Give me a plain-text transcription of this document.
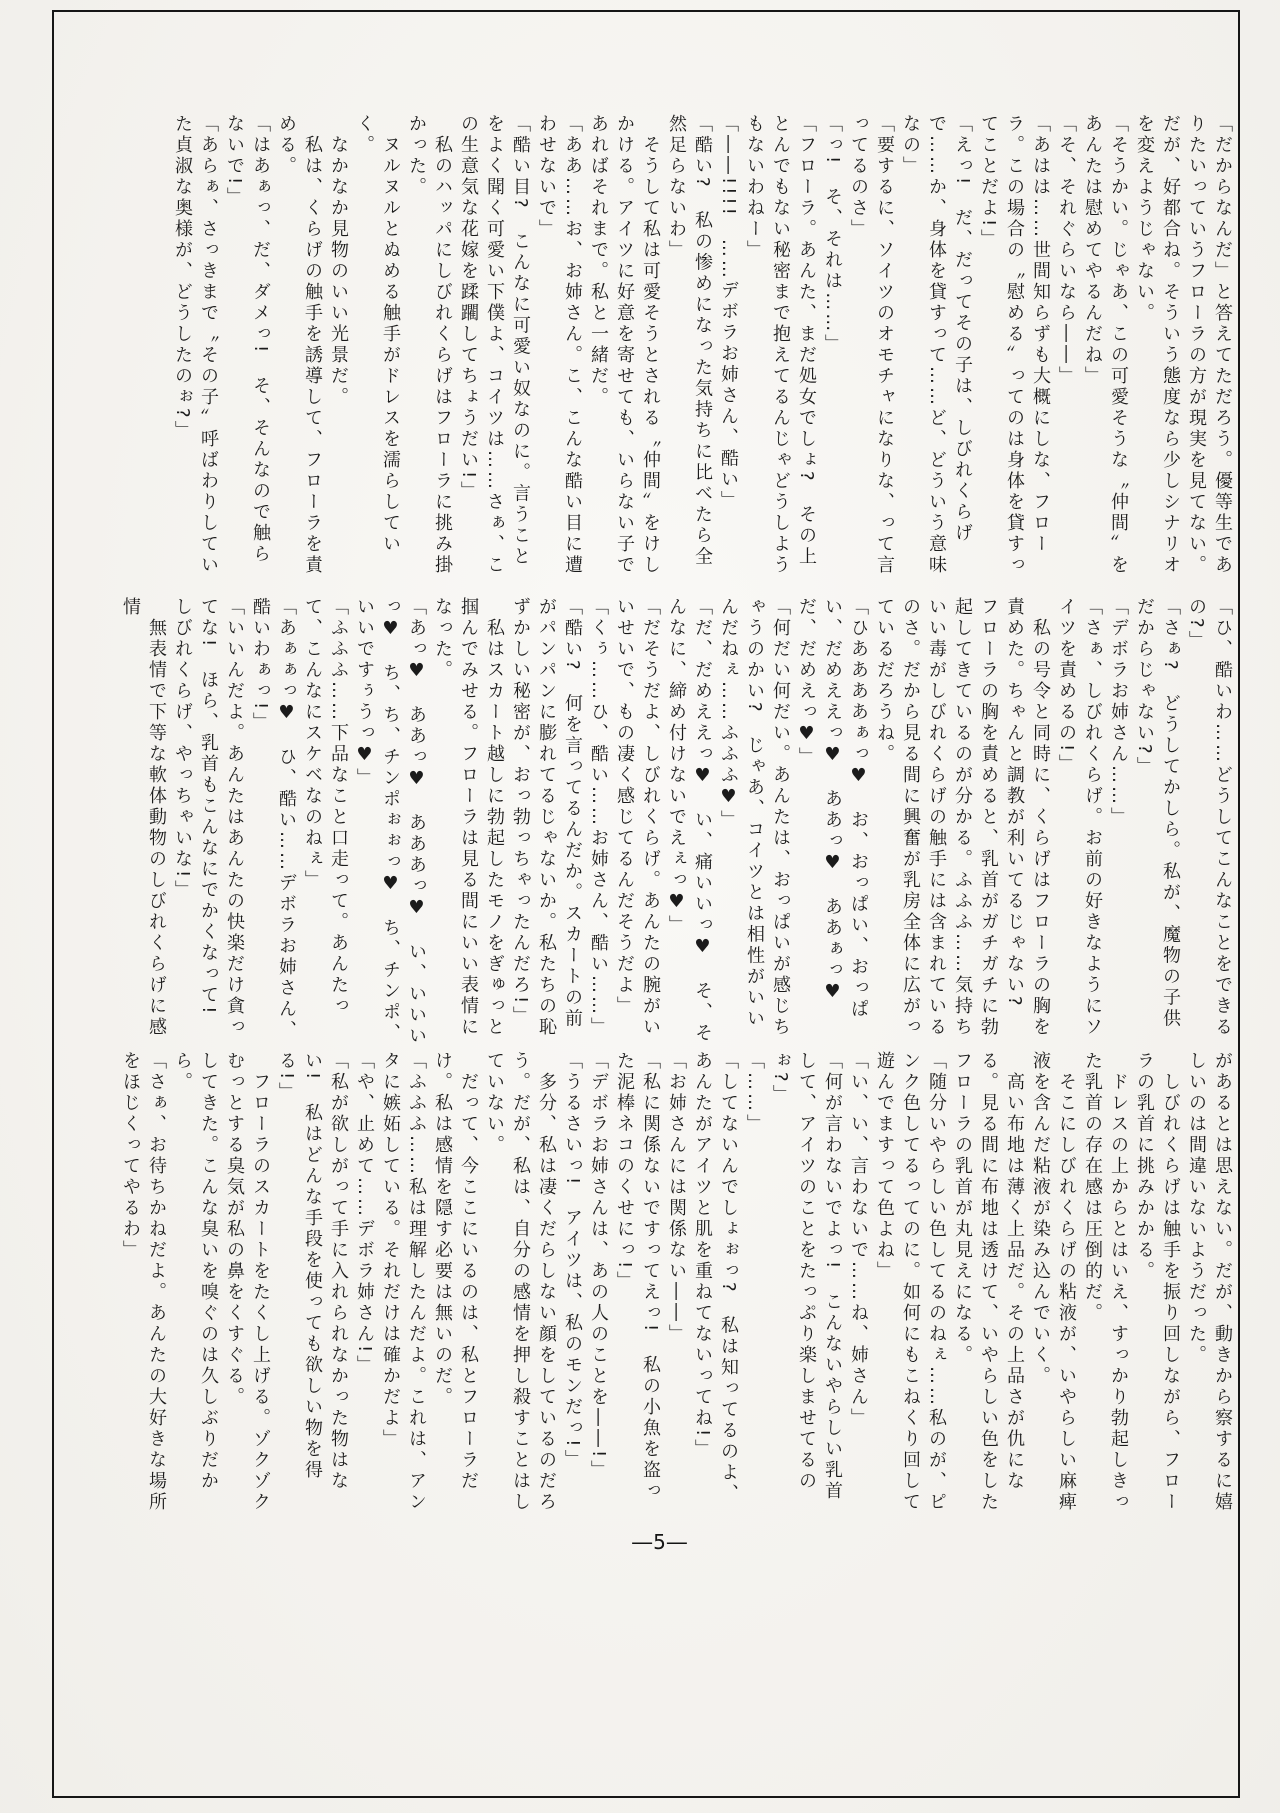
「だからなんだ」と答えてただろう。優等生でありたいっていうフローラの方が現実を見てない。だが、好都合ね。そういう態度なら少しシナリオを変えようじゃない。

「そうかい。じゃあ、この可愛そうな〝仲間〟をあんたは慰めてやるんだね」

「そ、それぐらいなら――」

「あはは……世間知らずも大概にしな、フローラ。この場合の〝慰める〟ってのは身体を貸すってことだよ!」

「えっ!　だ、だってその子は、しびれくらげで……か、身体を貸すって……ど、どういう意味なの」

「要するに、ソイツのオモチャになりな、って言ってるのさ」

「っ!　そ、それは……」

「フローラ。あんた、まだ処女でしょ?　その上とんでもない秘密まで抱えてるんじゃどうしようもないわねー」

「――!!!!　……デボラお姉さん、酷い」

「酷い?　私の惨めになった気持ちに比べたら全然足らないわ」

　そうして私は可愛そうとされる〝仲間〟をけしかける。アイツに好意を寄せても、いらない子であればそれまで。私と一緒だ。

「ああ……お、お姉さん。こ、こんな酷い目に遭わせないで」

「酷い目?　こんなに可愛い奴なのに。言うことをよく聞く可愛い下僕よ、コイツは……さぁ、この生意気な花嫁を蹂躙してちょうだい!」

　私のハッパにしびれくらげはフローラに挑み掛かった。

　ヌルヌルとぬめる触手がドレスを濡らしていく。

　なかなか見物のいい光景だ。

　私は、くらげの触手を誘導して、フローラを責める。

「はあぁっ、だ、ダメっ!　そ、そんなので触らないで!」

「あらぁ、さっきまで〝その子〟呼ばわりしていた貞淑な奥様が、どうしたのぉ?」

「ひ、酷いわ……どうしてこんなことをできるの?」

「さぁ?　どうしてかしら。私が、魔物の子供だからじゃない?」

「デボラお姉さん……」

「さぁ、しびれくらげ。お前の好きなようにソイツを責めるの!」

　私の号令と同時に、くらげはフローラの胸を責めた。ちゃんと調教が利いてるじゃない?　フローラの胸を責めると、乳首がガチガチに勃起してきているのが分かる。ふふふ……気持ちいい毒がしびれくらげの触手には含まれているのさ。だから見る間に興奮が乳房全体に広がっているだろうね。

「ひああああぁっ♥　お、おっぱい、おっぱい、だめええっ♥　ああっ♥　ああぁっ♥　だ、だめえっ♥」

「何だい何だい。あんたは、おっぱいが感じちゃうのかい?　じゃあ、コイツとは相性がいいんだねぇ……ふふふ♥」

「だ、だめええっ♥　い、痛いいっ♥　そ、そんなに、締め付けないでえぇっ♥」

「だそうだよ、しびれくらげ。あんたの腕がいいせいで、もの凄く感じてるんだそうだよ」

「くぅ……ひ、酷い……お姉さん、酷い……」

「酷い?　何を言ってるんだか。スカートの前がパンパンに膨れてるじゃないか。私たちの恥ずかしい秘密が、おっ勃っちゃったんだろ!」

　私はスカート越しに勃起したモノをぎゅっと掴んでみせる。フローラは見る間にいい表情になった。

「あっ♥　ああっ♥　あああっ♥　い、いいいっ♥　ち、ち、チンポぉぉっ♥　ち、チンポ、いいですぅうっ♥」

「ふふふ……下品なこと口走って。あんたって、こんなにスケベなのねぇ」

「あぁぁっ♥　ひ、酷い……デボラお姉さん、酷いわぁっ!」

「いいんだよ。あんたはあんたの快楽だけ貪ってな!　ほら、乳首もこんなにでかくなって!　しびれくらげ、やっちゃいな!」

　無表情で下等な軟体動物のしびれくらげに感情

があるとは思えない。だが、動きから察するに嬉しいのは間違いないようだった。

　しびれくらげは触手を振り回しながら、フローラの乳首に挑みかかる。

　ドレスの上からとはいえ、すっかり勃起しきった乳首の存在感は圧倒的だ。

　そこにしびれくらげの粘液が、いやらしい麻痺液を含んだ粘液が染み込んでいく。

　高い布地は薄く上品だ。その上品さが仇になる。見る間に布地は透けて、いやらしい色をしたフローラの乳首が丸見えになる。

「随分いやらしい色してるのねぇ……私のが、ピンク色してるってのに。如何にもこねくり回して遊んでますって色よね」

「い、い、言わないで……ね、姉さん」

「何が言わないでよっ!　こんないやらしい乳首して、アイツのことをたっぷり楽しませてるのぉ?」

「……」

「してないんでしょぉっ?　私は知ってるのよ、あんたがアイツと肌を重ねてないってね!」

「お姉さんには関係ない――」

「私に関係ないですってえっ!　私の小魚を盗った泥棒ネコのくせにっ!」

「デボラお姉さんは、あの人のことを――!」

「うるさいっ!　アイツは、私のモンだっ!」

　多分、私は凄くだらしない顔をしているのだろう。だが、私は、自分の感情を押し殺すことはしていない。

　だって、今ここにいるのは、私とフローラだけ。私は感情を隠す必要は無いのだ。

「ふふふ……私は理解したんだよ。これは、アンタに嫉妬している。それだけは確かだよ」

「や、止めて……デボラ姉さん!」

「私が欲しがって手に入れられなかった物はない!　私はどんな手段を使っても欲しい物を得る!」

　フローラのスカートをたくし上げる。ゾクゾク

むっとする臭気が私の鼻をくすぐる。

してきた。こんな臭いを嗅ぐのは久しぶりだから。

「さぁ、お待ちかねだよ。あんたの大好きな場所をほじくってやるわ」

―5―
